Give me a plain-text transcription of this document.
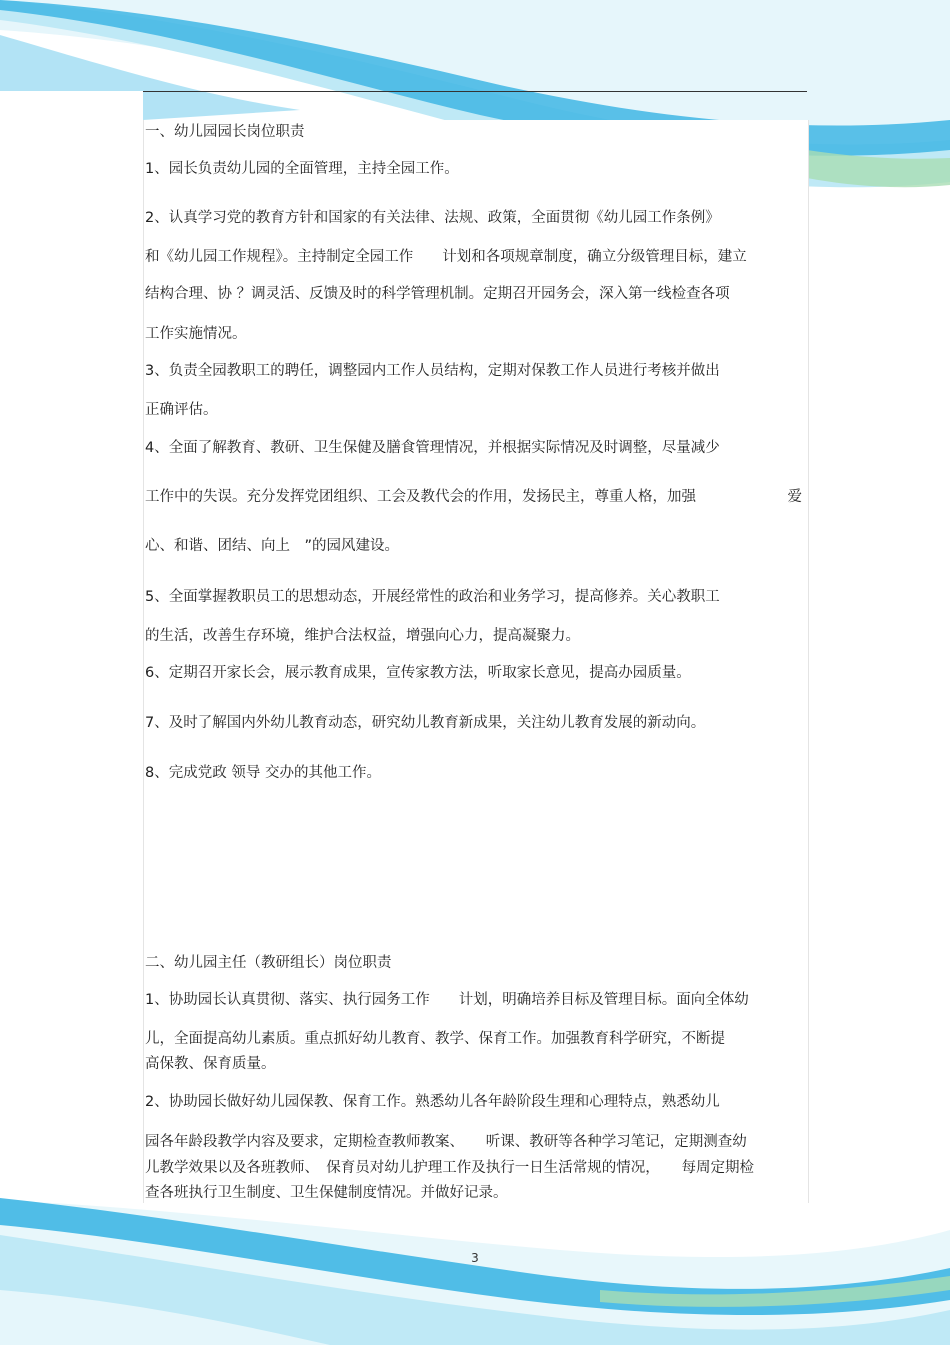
一、幼儿园园长岗位职责
1、园长负责幼儿园的全面管理，主持全园工作。
2、认真学习党的教育方针和国家的有关法律、法规、政策，全面贯彻《幼儿园工作条例》
和《幼儿园工作规程》。主持制定全园工作　　计划和各项规章制度，确立分级管理目标，建立
结构合理、协 ？调灵活、反馈及时的科学管理机制。定期召开园务会，深入第一线检查各项
工作实施情况。
3、负责全园教职工的聘任，调整园内工作人员结构，定期对保教工作人员进行考核并做出
正确评估。
4、全面了解教育、教研、卫生保健及膳食管理情况，并根据实际情况及时调整，尽量减少
工作中的失误。充分发挥党团组织、工会及教代会的作用，发扬民主，尊重人格，加强	爱
心、和谐、团结、向上　”的园风建设。
5、全面掌握教职员工的思想动态，开展经常性的政治和业务学习，提高修养。关心教职工
的生活，改善生存环境，维护合法权益，增强向心力，提高凝聚力。
6、定期召开家长会，展示教育成果，宣传家教方法，听取家长意见，提高办园质量。
7、及时了解国内外幼儿教育动态，研究幼儿教育新成果，关注幼儿教育发展的新动向。
8、完成党政 领导 交办的其他工作。
二、幼儿园主任（教研组长）岗位职责
1、协助园长认真贯彻、落实、执行园务工作　　计划，明确培养目标及管理目标。面向全体幼
儿，全面提高幼儿素质。重点抓好幼儿教育、教学、保育工作。加强教育科学研究，不断提
高保教、保育质量。
2、协助园长做好幼儿园保教、保育工作。熟悉幼儿各年龄阶段生理和心理特点，熟悉幼儿
园各年龄段教学内容及要求，定期检查教师教案、　　听课、教研等各种学习笔记，定期测查幼
儿教学效果以及各班教师、　保育员对幼儿护理工作及执行一日生活常规的情况，　　每周定期检
查各班执行卫生制度、卫生保健制度情况。并做好记录。
3
